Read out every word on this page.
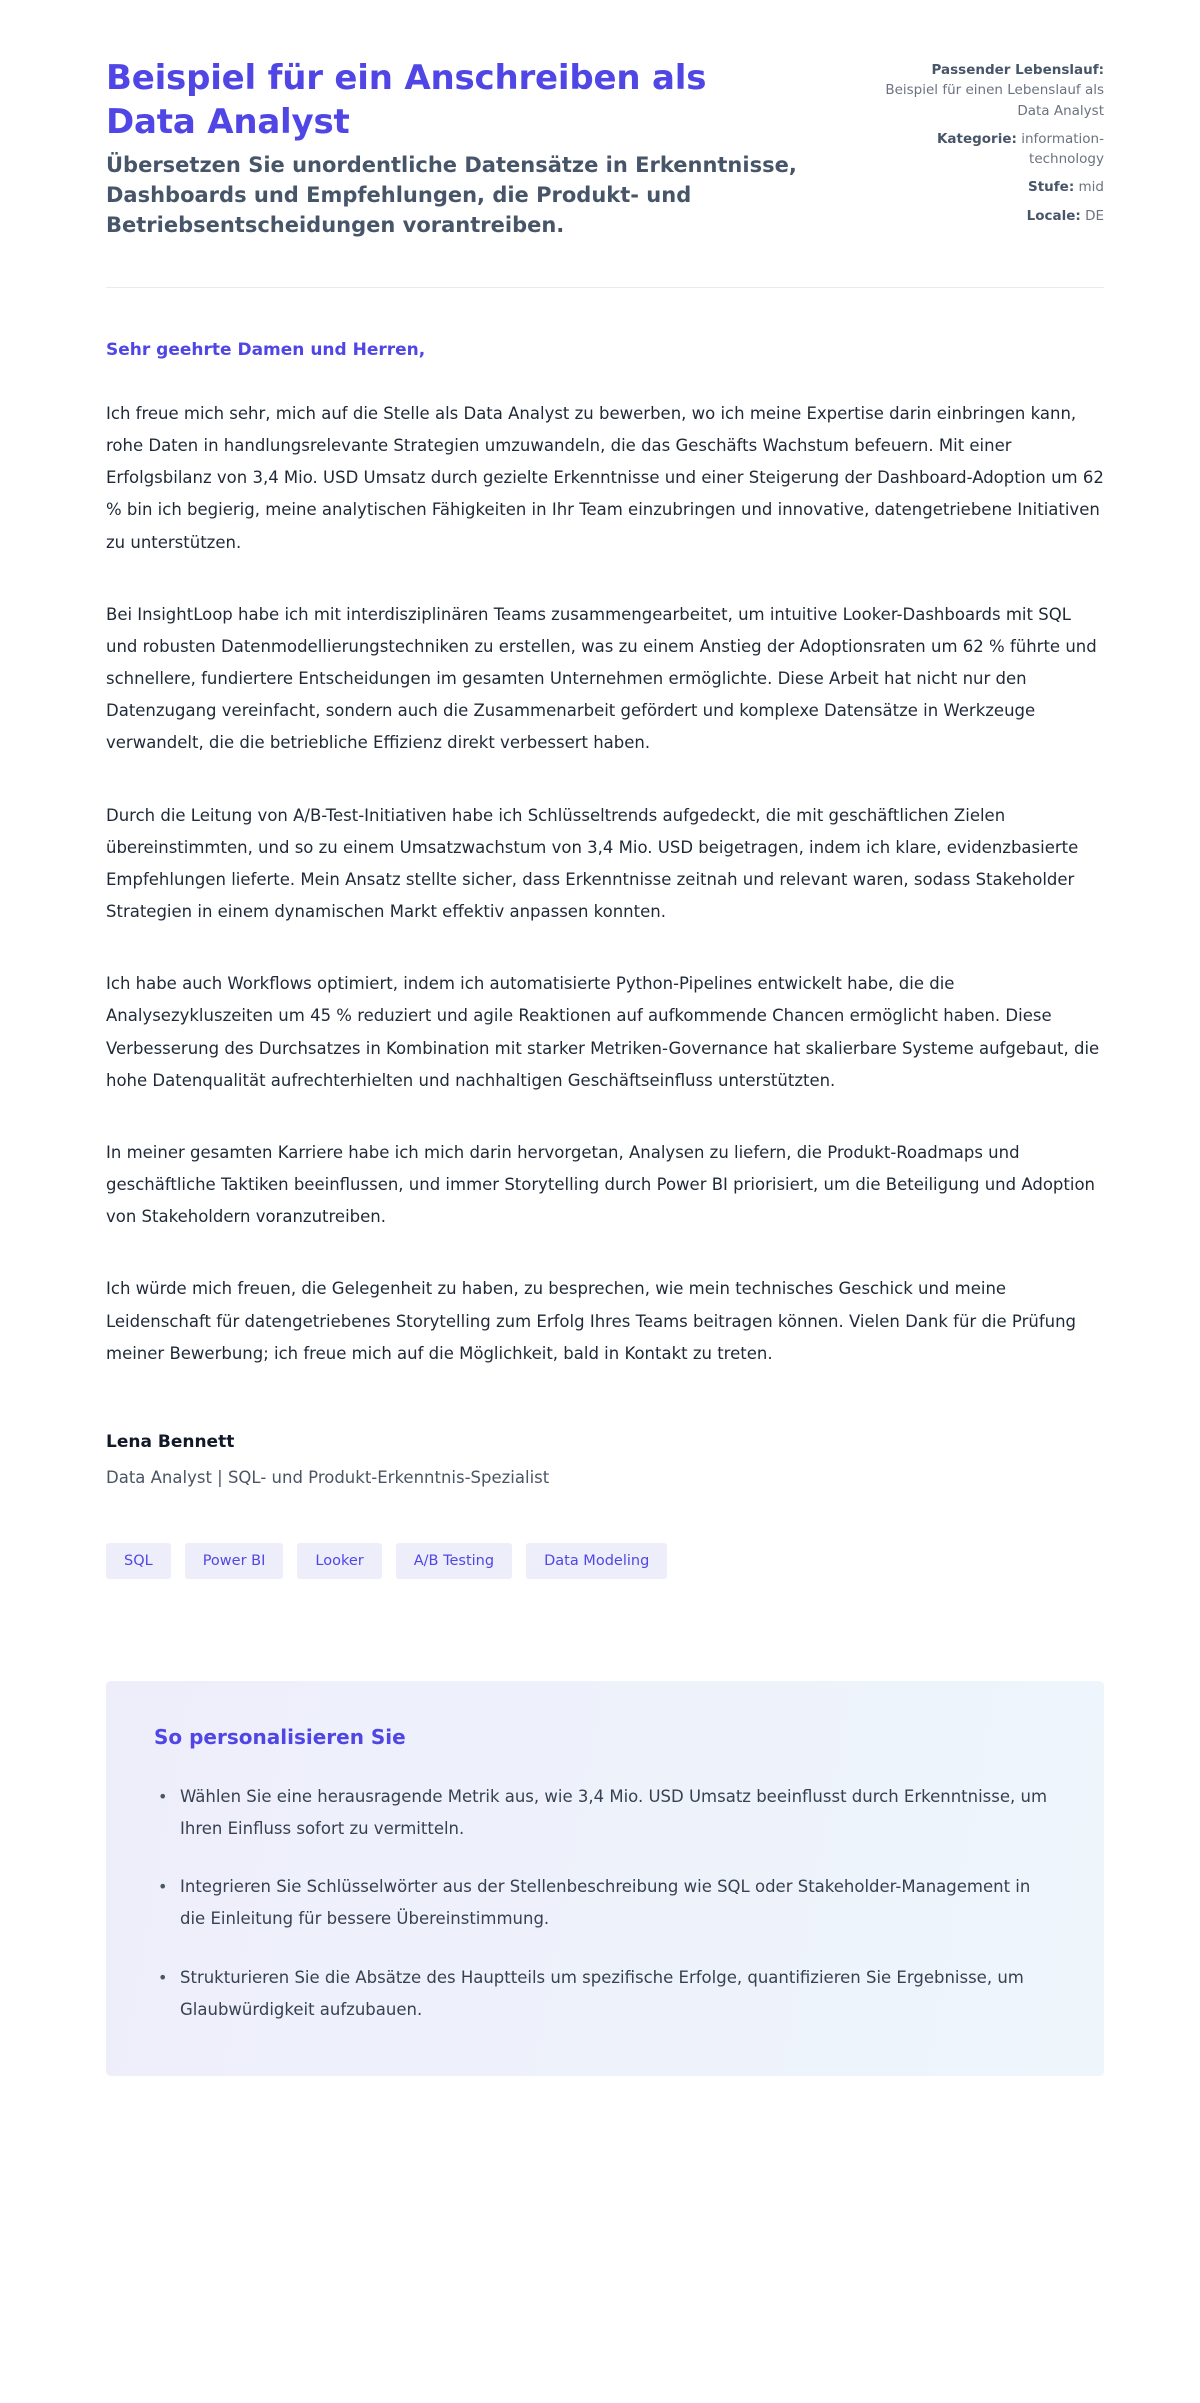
Beispiel für ein Anschreiben als Data Analyst

Übersetzen Sie unordentliche Datensätze in Erkenntnisse, Dashboards und Empfehlungen, die Produkt- und Betriebsentscheidungen vorantreiben.

Passender Lebenslauf: Beispiel für einen Lebenslauf als Data Analyst
Kategorie: information-technology
Stufe: mid
Locale: DE

Sehr geehrte Damen und Herren,

Ich freue mich sehr, mich auf die Stelle als Data Analyst zu bewerben, wo ich meine Expertise darin einbringen kann, rohe Daten in handlungsrelevante Strategien umzuwandeln, die das Geschäfts Wachstum befeuern. Mit einer Erfolgsbilanz von 3,4 Mio. USD Umsatz durch gezielte Erkenntnisse und einer Steigerung der Dashboard-Adoption um 62 % bin ich begierig, meine analytischen Fähigkeiten in Ihr Team einzubringen und innovative, datengetriebene Initiativen zu unterstützen.

Bei InsightLoop habe ich mit interdisziplinären Teams zusammengearbeitet, um intuitive Looker-Dashboards mit SQL und robusten Datenmodellierungstechniken zu erstellen, was zu einem Anstieg der Adoptionsraten um 62 % führte und schnellere, fundiertere Entscheidungen im gesamten Unternehmen ermöglichte. Diese Arbeit hat nicht nur den Datenzugang vereinfacht, sondern auch die Zusammenarbeit gefördert und komplexe Datensätze in Werkzeuge verwandelt, die die betriebliche Effizienz direkt verbessert haben.

Durch die Leitung von A/B-Test-Initiativen habe ich Schlüsseltrends aufgedeckt, die mit geschäftlichen Zielen übereinstimmten, und so zu einem Umsatzwachstum von 3,4 Mio. USD beigetragen, indem ich klare, evidenzbasierte Empfehlungen lieferte. Mein Ansatz stellte sicher, dass Erkenntnisse zeitnah und relevant waren, sodass Stakeholder Strategien in einem dynamischen Markt effektiv anpassen konnten.

Ich habe auch Workflows optimiert, indem ich automatisierte Python-Pipelines entwickelt habe, die die Analysezykluszeiten um 45 % reduziert und agile Reaktionen auf aufkommende Chancen ermöglicht haben. Diese Verbesserung des Durchsatzes in Kombination mit starker Metriken-Governance hat skalierbare Systeme aufgebaut, die hohe Datenqualität aufrechterhielten und nachhaltigen Geschäftseinfluss unterstützten.

In meiner gesamten Karriere habe ich mich darin hervorgetan, Analysen zu liefern, die Produkt-Roadmaps und geschäftliche Taktiken beeinflussen, und immer Storytelling durch Power BI priorisiert, um die Beteiligung und Adoption von Stakeholdern voranzutreiben.

Ich würde mich freuen, die Gelegenheit zu haben, zu besprechen, wie mein technisches Geschick und meine Leidenschaft für datengetriebenes Storytelling zum Erfolg Ihres Teams beitragen können. Vielen Dank für die Prüfung meiner Bewerbung; ich freue mich auf die Möglichkeit, bald in Kontakt zu treten.

Lena Bennett
Data Analyst | SQL- und Produkt-Erkenntnis-Spezialist
SQL	Power BI	Looker	A/B Testing	Data Modeling
So personalisieren Sie
• Wählen Sie eine herausragende Metrik aus, wie 3,4 Mio. USD Umsatz beeinflusst durch Erkenntnisse, um Ihren Einfluss sofort zu vermitteln.
• Integrieren Sie Schlüsselwörter aus der Stellenbeschreibung wie SQL oder Stakeholder-Management in die Einleitung für bessere Übereinstimmung.
• Strukturieren Sie die Absätze des Hauptteils um spezifische Erfolge, quantifizieren Sie Ergebnisse, um Glaubwürdigkeit aufzubauen.
